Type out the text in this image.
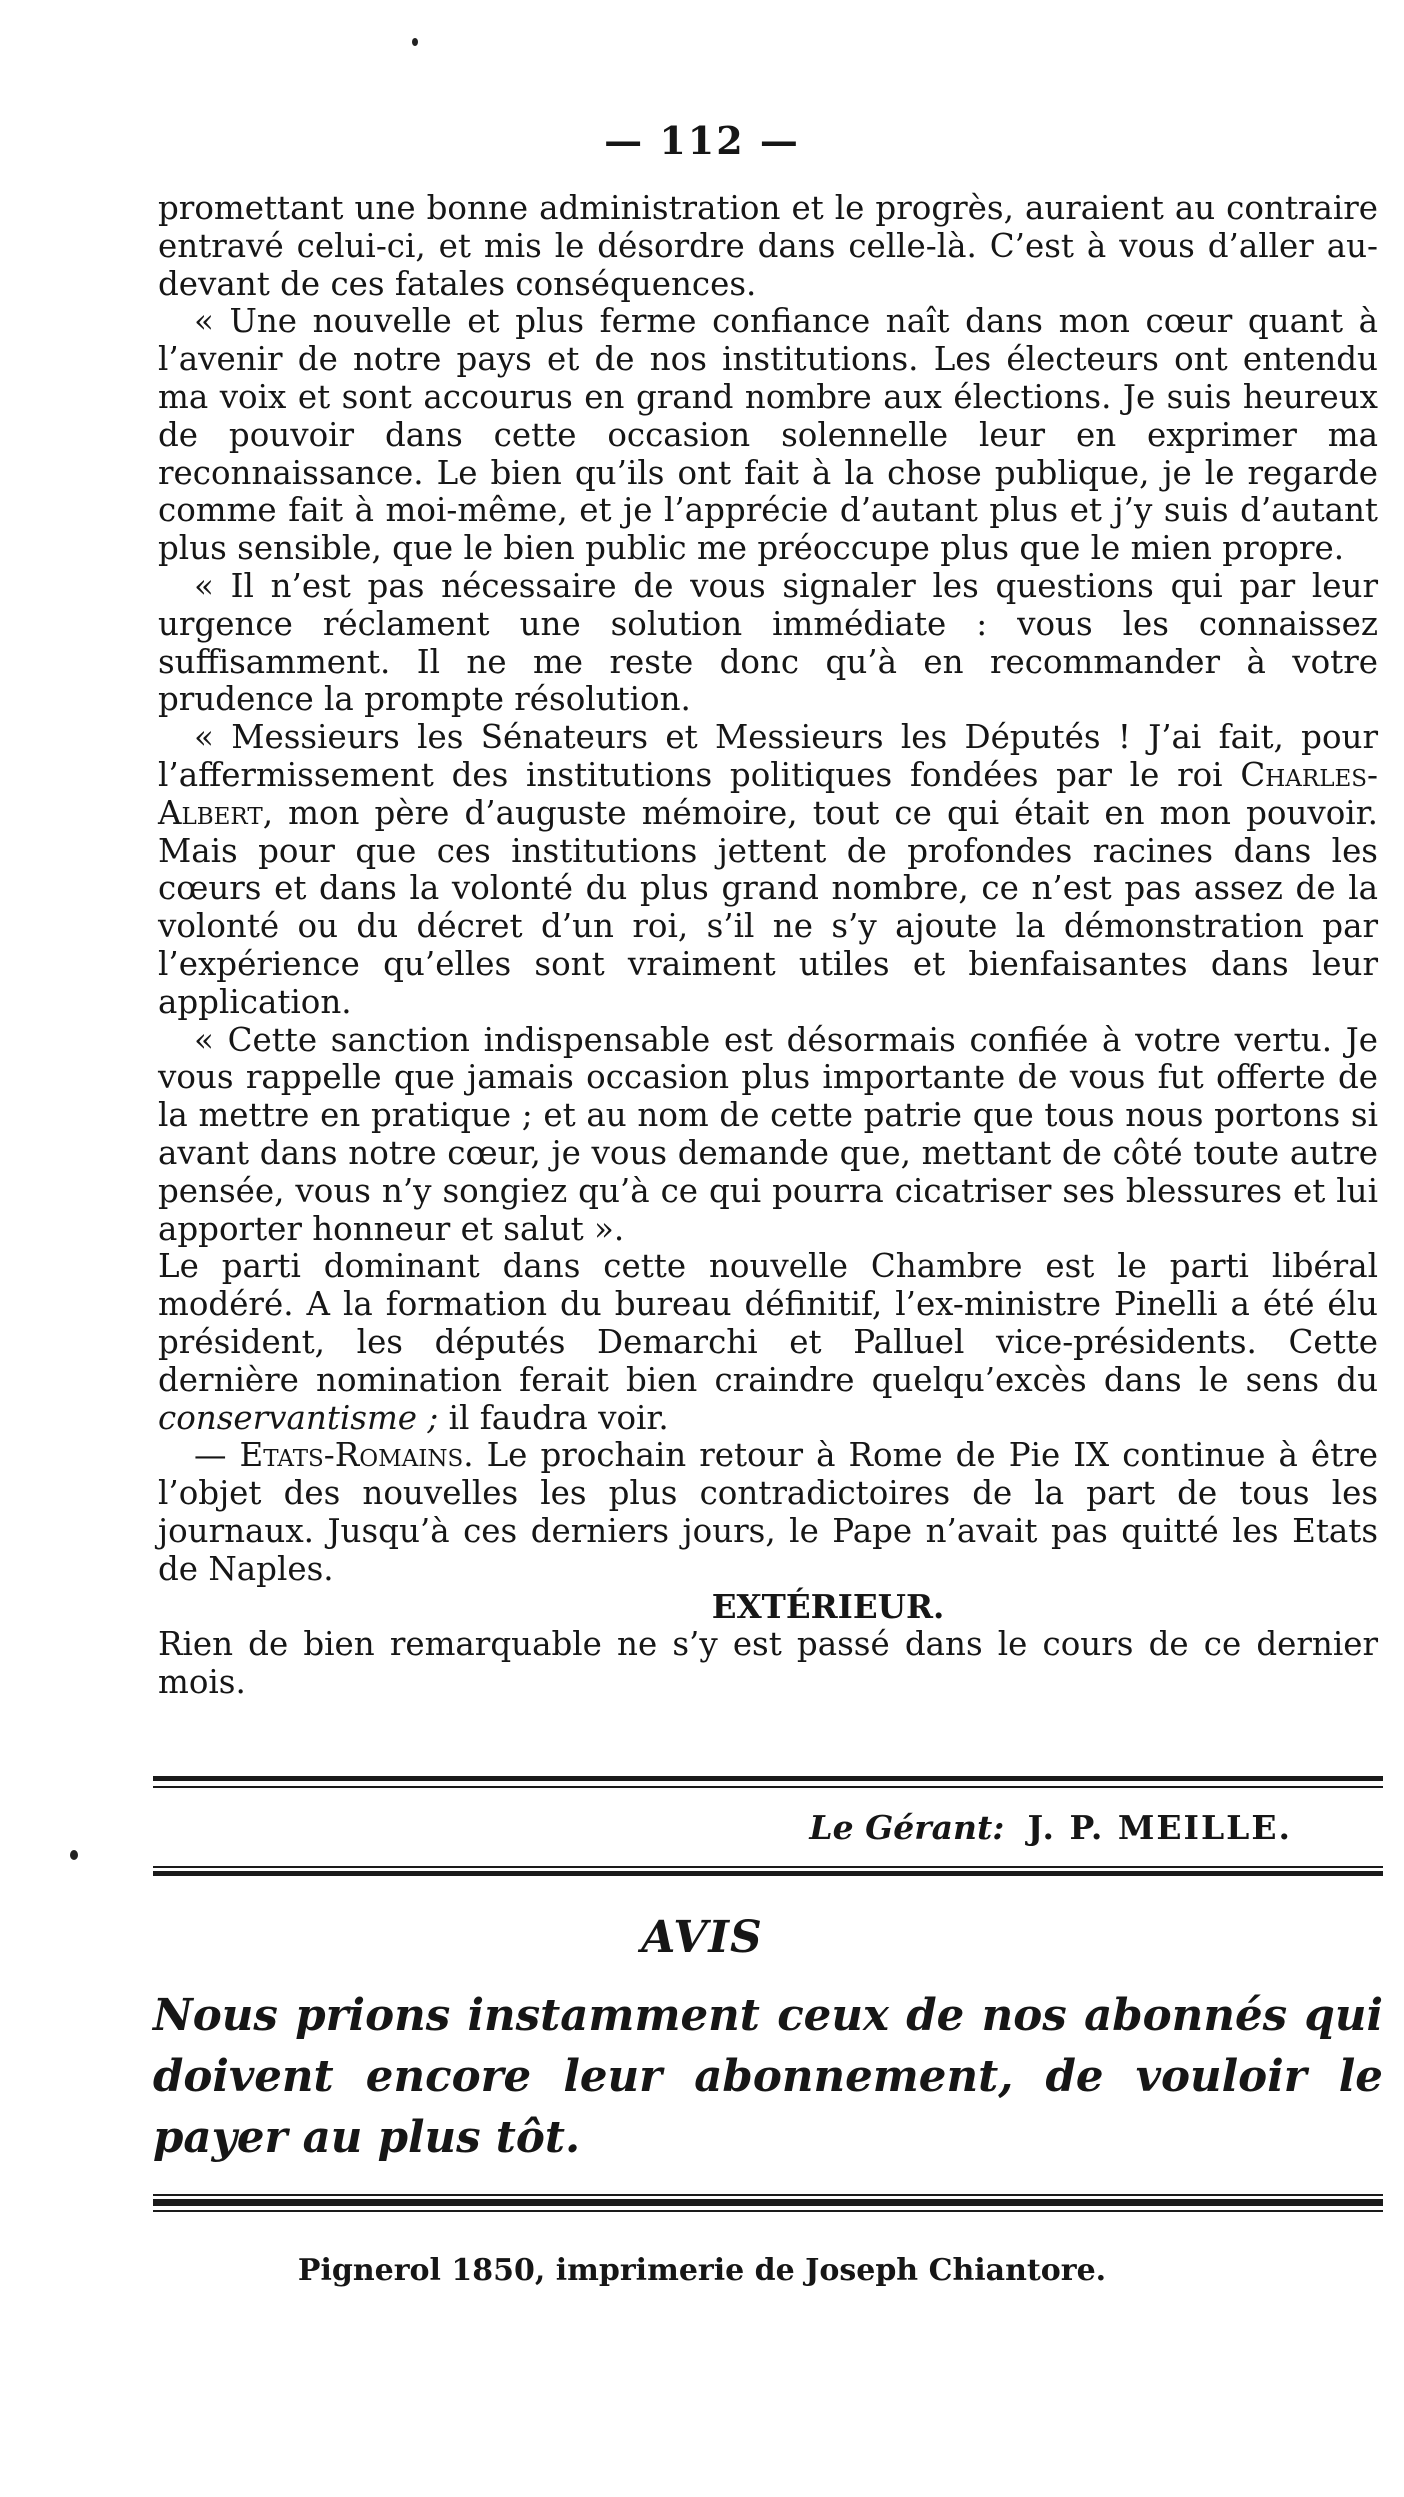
— 112 —

promettant une bonne administration et le progrès, auraient au contraire entravé celui-ci, et mis le désordre dans celle-là. C’est à vous d’aller au-devant de ces fatales conséquences.

« Une nouvelle et plus ferme confiance naît dans mon cœur quant à l’avenir de notre pays et de nos institutions. Les électeurs ont entendu ma voix et sont accourus en grand nombre aux élections. Je suis heureux de pouvoir dans cette occasion solennelle leur en exprimer ma reconnaissance. Le bien qu’ils ont fait à la chose publique, je le regarde comme fait à moi-même, et je l’apprécie d’autant plus et j’y suis d’autant plus sensible, que le bien public me préoccupe plus que le mien propre.

« Il n’est pas nécessaire de vous signaler les questions qui par leur urgence réclament une solution immédiate : vous les connaissez suffisamment. Il ne me reste donc qu’à en recommander à votre prudence la prompte résolution.

« Messieurs les Sénateurs et Messieurs les Députés ! J’ai fait, pour l’affermissement des institutions politiques fondées par le roi Charles-Albert, mon père d’auguste mémoire, tout ce qui était en mon pouvoir. Mais pour que ces institutions jettent de profondes racines dans les cœurs et dans la volonté du plus grand nombre, ce n’est pas assez de la volonté ou du décret d’un roi, s’il ne s’y ajoute la démonstration par l’expérience qu’elles sont vraiment utiles et bienfaisantes dans leur application.

« Cette sanction indispensable est désormais confiée à votre vertu. Je vous rappelle que jamais occasion plus importante de vous fut offerte de la mettre en pratique ; et au nom de cette patrie que tous nous portons si avant dans notre cœur, je vous demande que, mettant de côté toute autre pensée, vous n’y songiez qu’à ce qui pourra cicatriser ses blessures et lui apporter honneur et salut ».

Le parti dominant dans cette nouvelle Chambre est le parti libéral modéré. A la formation du bureau définitif, l’ex-ministre Pinelli a été élu président, les députés Demarchi et Palluel vice-présidents. Cette dernière nomination ferait bien craindre quelqu’excès dans le sens du conservantisme ; il faudra voir.

— Etats-Romains. Le prochain retour à Rome de Pie IX continue à être l’objet des nouvelles les plus contradictoires de la part de tous les journaux. Jusqu’à ces derniers jours, le Pape n’avait pas quitté les Etats de Naples.

EXTÉRIEUR.

Rien de bien remarquable ne s’y est passé dans le cours de ce dernier mois.

Le Gérant: J. P. MEILLE.
AVIS
Nous prions instamment ceux de nos abonnés qui doivent encore leur abonnement, de vouloir le payer au plus tôt.
Pignerol 1850, imprimerie de Joseph Chiantore.
